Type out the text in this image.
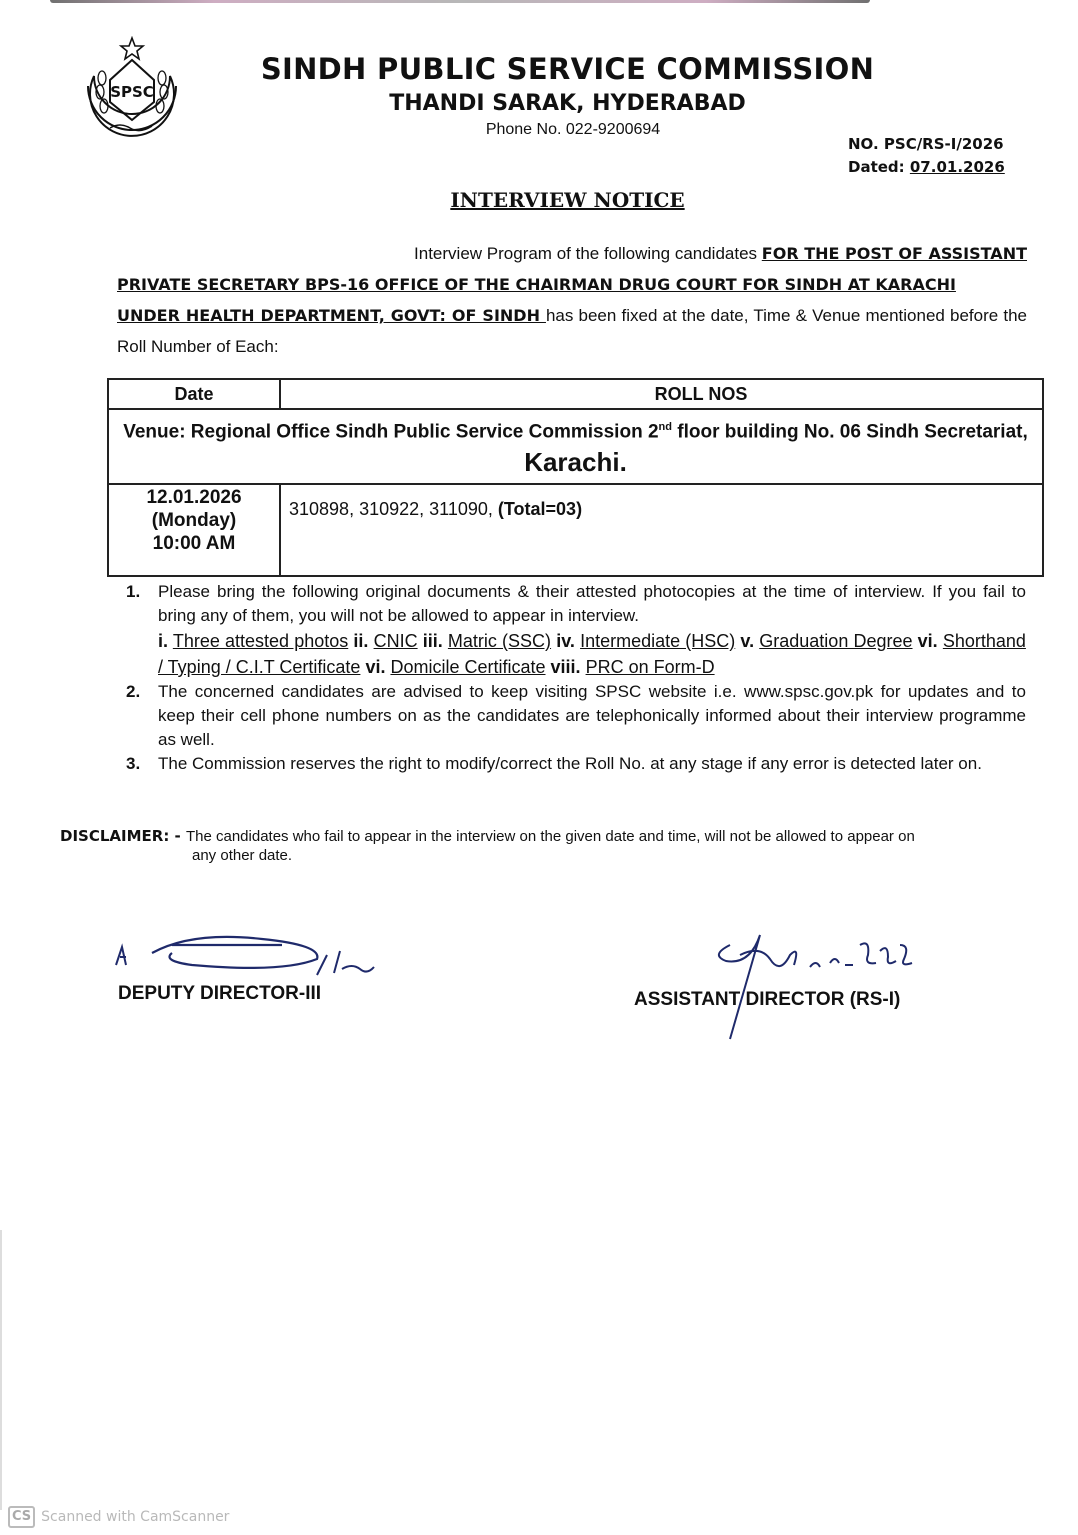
SPSC
SINDH PUBLIC SERVICE COMMISSION
THANDI SARAK, HYDERABAD
Phone No. 022-9200694
NO. PSC/RS-I/2026
Dated: 07.01.2026
INTERVIEW NOTICE
Interview Program of the following candidates FOR THE POST OF ASSISTANT
PRIVATE SECRETARY BPS-16 OFFICE OF THE CHAIRMAN DRUG COURT FOR SINDH AT KARACHI
UNDER HEALTH DEPARTMENT, GOVT: OF SINDH has been fixed at the date, Time & Venue mentioned before the Roll Number of Each:
Date	ROLL NOS
Venue: Regional Office Sindh Public Service Commission 2nd floor building No. 06 Sindh Secretariat, Karachi.	

12.01.2026
(Monday)
10:00 AM	310898, 310922, 311090, (Total=03)
1. Please bring the following original documents & their attested photocopies at the time of interview. If you fail to bring any of them, you will not be allowed to appear in interview.
i. Three attested photos ii. CNIC iii. Matric (SSC) iv. Intermediate (HSC) v. Graduation Degree vi. Shorthand / Typing / C.I.T Certificate vi. Domicile Certificate viii. PRC on Form-D
2. The concerned candidates are advised to keep visiting SPSC website i.e. www.spsc.gov.pk for updates and to keep their cell phone numbers on as the candidates are telephonically informed about their interview programme as well.
3. The Commission reserves the right to modify/correct the Roll No. at any stage if any error is detected later on.
DISCLAIMER: - The candidates who fail to appear in the interview on the given date and time, will not be allowed to appear on
any other date.
DEPUTY DIRECTOR-III	ASSISTANT DIRECTOR (RS-I)
CS Scanned with CamScanner
